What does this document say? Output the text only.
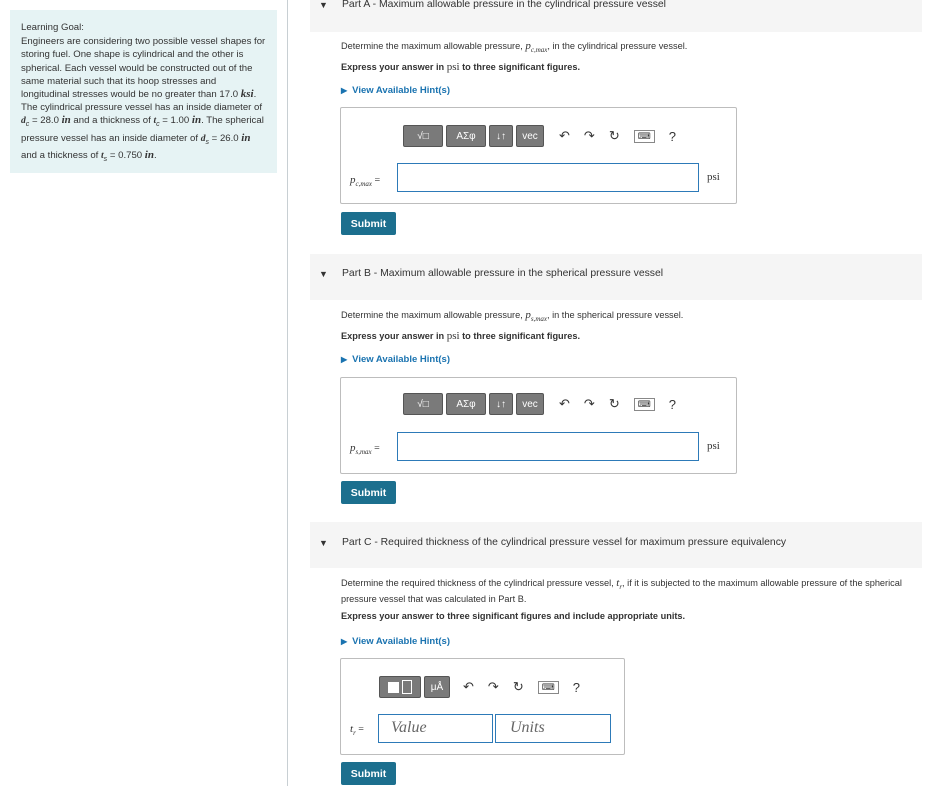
Learning Goal:
Engineers are considering two possible vessel shapes for storing fuel. One shape is cylindrical and the other is spherical. Each vessel would be constructed out of the same material such that its hoop stresses and longitudinal stresses would be no greater than 17.0 ksi. The cylindrical pressure vessel has an inside diameter of $d_c = 28.0$ in and a thickness of $t_c = 1.00$ in. The spherical pressure vessel has an inside diameter of $d_s = 26.0$ in and a thickness of $t_s = 0.750$ in.
▼ Part A - Maximum allowable pressure in the cylindrical pressure vessel
Determine the maximum allowable pressure, $p_{c,max}$, in the cylindrical pressure vessel.
Express your answer in psi to three significant figures.
▶ View Available Hint(s)
√□	ΑΣφ	↓↑	vec	↶ ↷ ↻	⌨	?
$p_{c,max}$ =	psi
Submit
▼ Part B - Maximum allowable pressure in the spherical pressure vessel
Determine the maximum allowable pressure, $p_{s,max}$, in the spherical pressure vessel.
Express your answer in psi to three significant figures.
▶ View Available Hint(s)
√□	ΑΣφ	↓↑	vec	↶ ↷ ↻	⌨	?
$p_{s,max}$ =	psi
Submit
▼ Part C - Required thickness of the cylindrical pressure vessel for maximum pressure equivalency
Determine the required thickness of the cylindrical pressure vessel, $t_r$, if it is subjected to the maximum allowable pressure of the spherical pressure vessel that was calculated in Part B.
Express your answer to three significant figures and include appropriate units.
▶ View Available Hint(s)
μÅ	↶ ↷ ↻	⌨	?
$t_r$ = Value	Units
Submit
